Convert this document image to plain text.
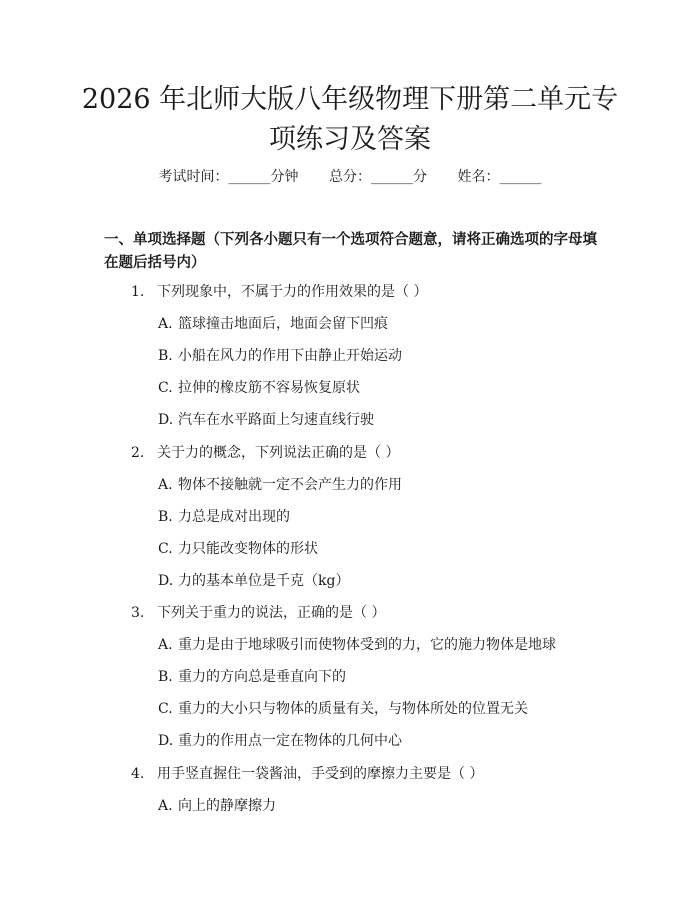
2026 年北师大版八年级物理下册第二单元专
项练习及答案
考试时间：______分钟 总分：______分 姓名：______
一、单项选择题（下列各小题只有一个选项符合题意，请将正确选项的字母填在题后括号内）
1. 下列现象中，不属于力的作用效果的是（ ）
A. 篮球撞击地面后，地面会留下凹痕
B. 小船在风力的作用下由静止开始运动
C. 拉伸的橡皮筋不容易恢复原状
D. 汽车在水平路面上匀速直线行驶
2. 关于力的概念，下列说法正确的是（ ）
A. 物体不接触就一定不会产生力的作用
B. 力总是成对出现的
C. 力只能改变物体的形状
D. 力的基本单位是千克（kg）
3. 下列关于重力的说法，正确的是（ ）
A. 重力是由于地球吸引而使物体受到的力，它的施力物体是地球
B. 重力的方向总是垂直向下的
C. 重力的大小只与物体的质量有关，与物体所处的位置无关
D. 重力的作用点一定在物体的几何中心
4. 用手竖直握住一袋酱油，手受到的摩擦力主要是（ ）
A. 向上的静摩擦力
